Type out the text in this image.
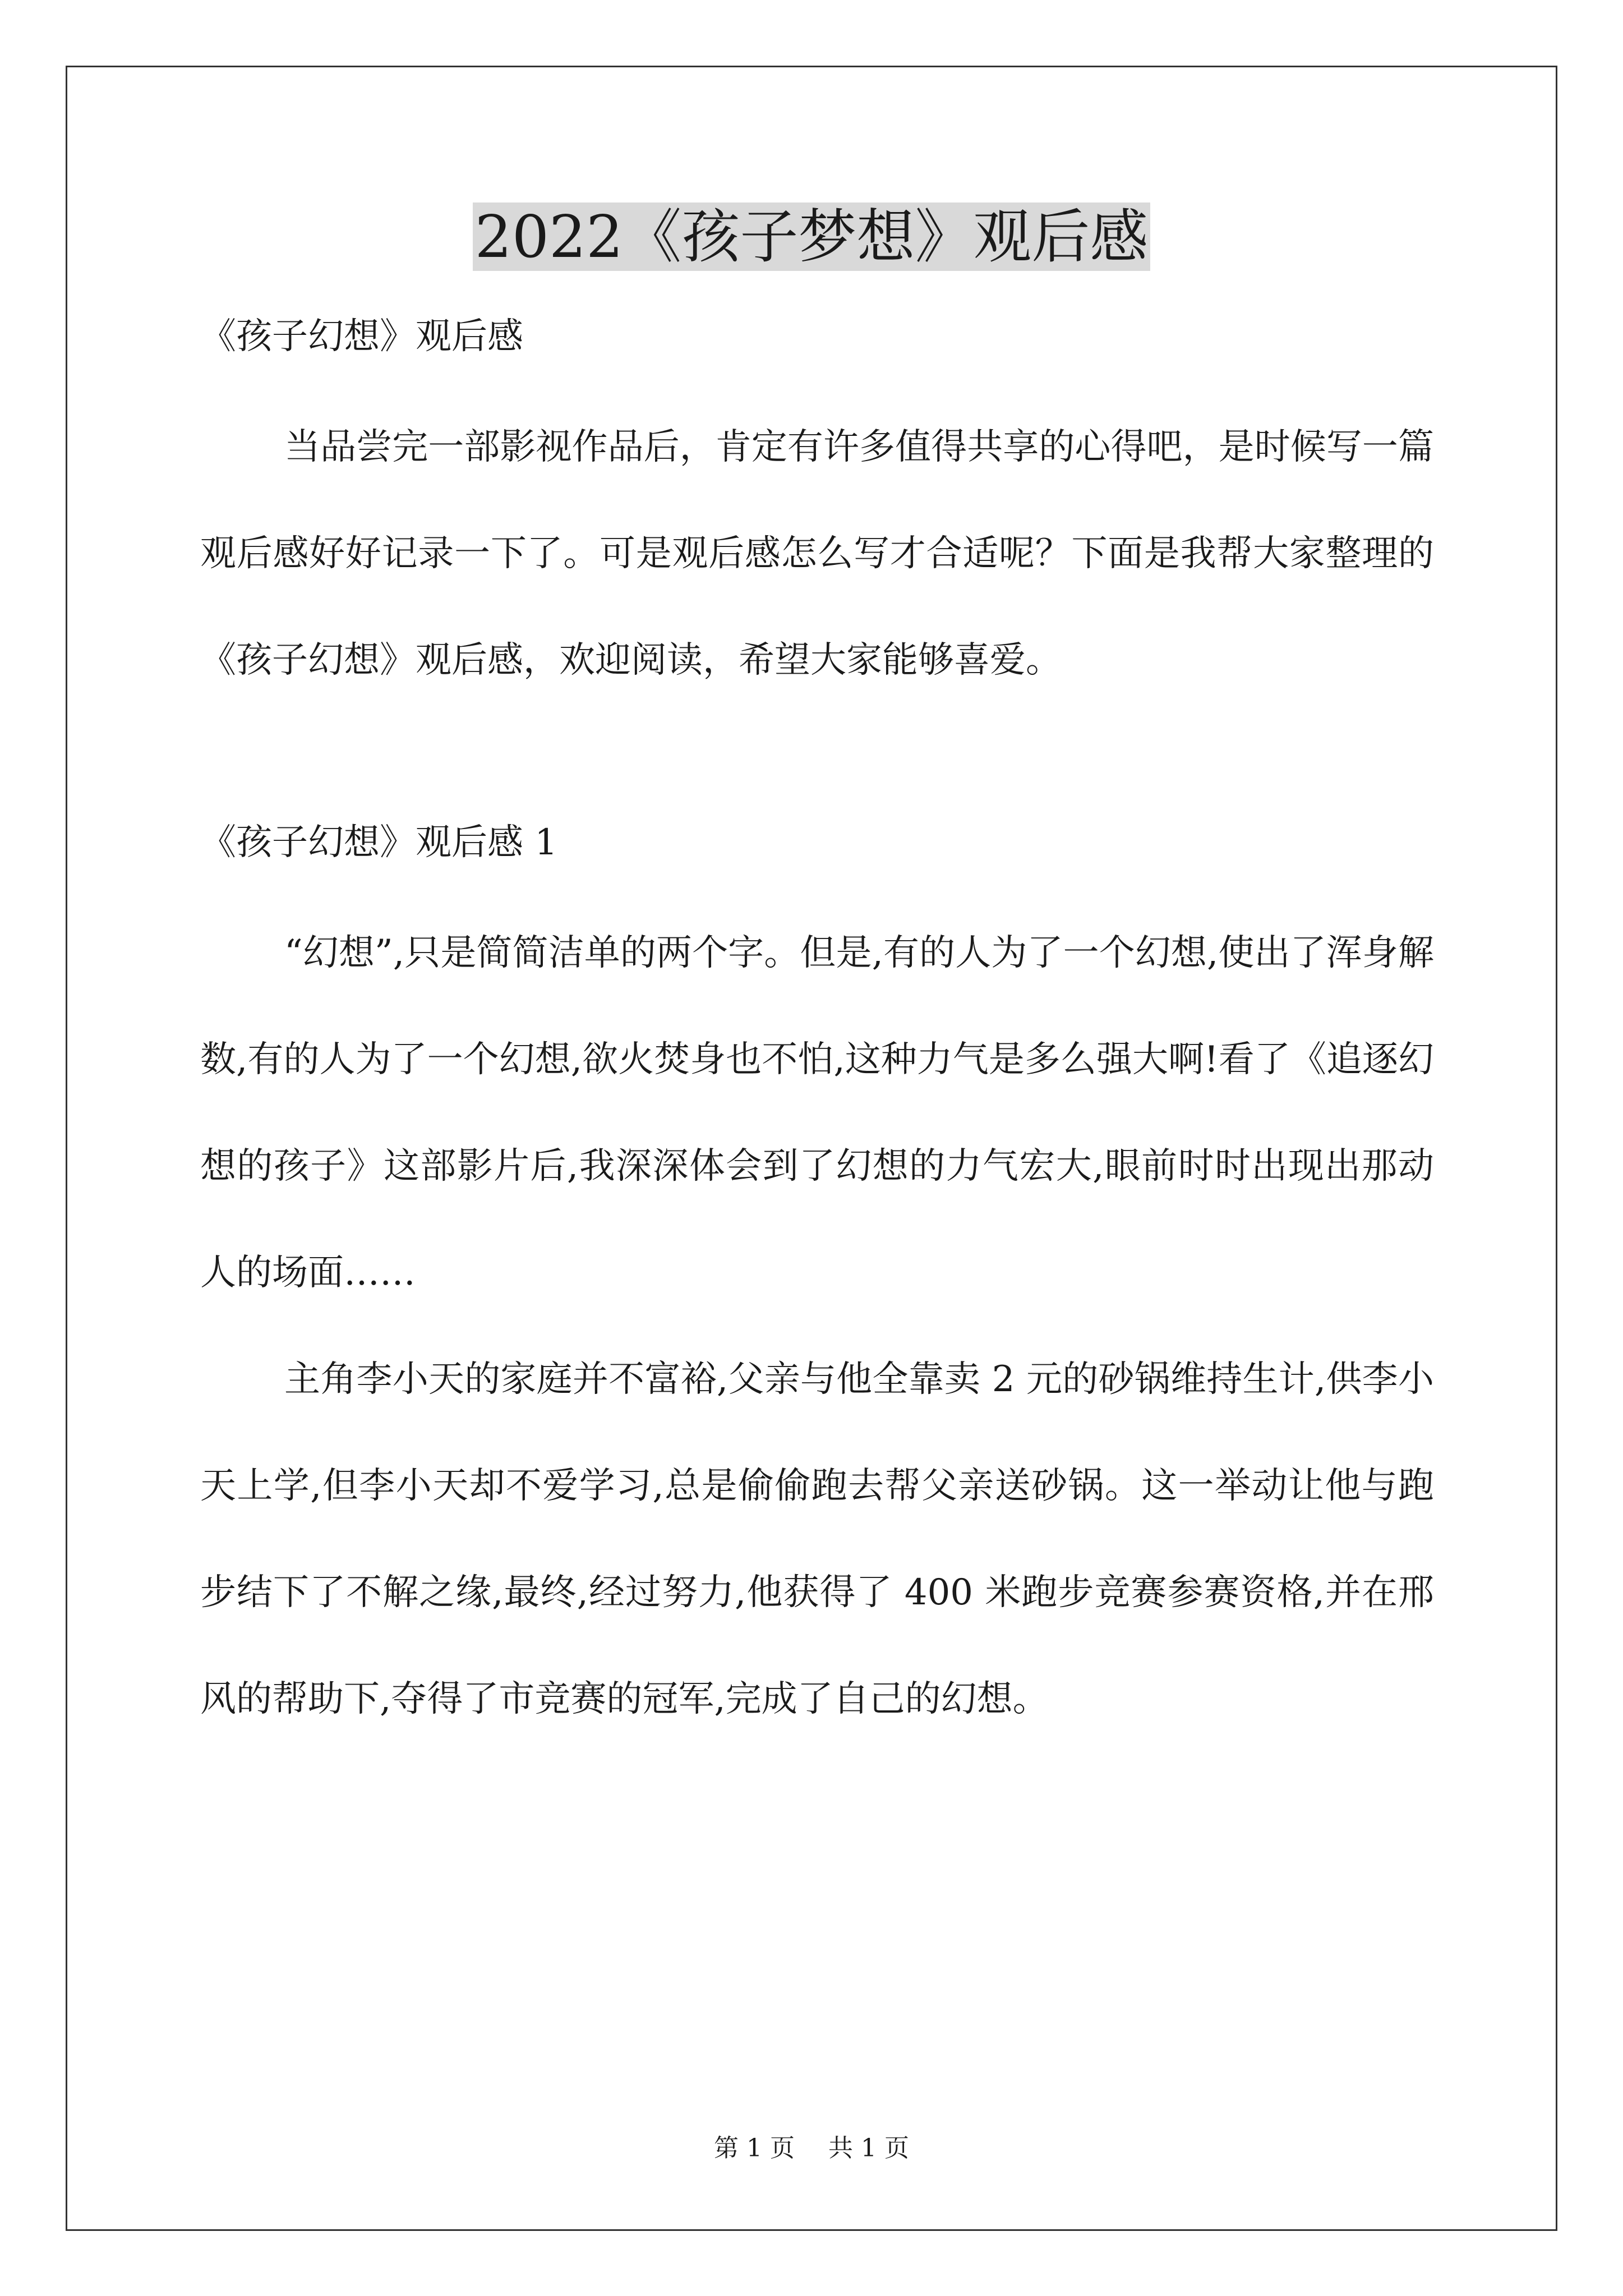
2022《孩子梦想》观后感
《孩子幻想》观后感

当品尝完一部影视作品后，肯定有许多值得共享的心得吧，是时候写一篇观后感好好记录一下了。可是观后感怎么写才合适呢？下面是我帮大家整理的《孩子幻想》观后感，欢迎阅读，希望大家能够喜爱。

《孩子幻想》观后感 1

“幻想”,只是简简洁单的两个字。但是,有的人为了一个幻想,使出了浑身解数,有的人为了一个幻想,欲火焚身也不怕,这种力气是多么强大啊!看了《追逐幻想的孩子》这部影片后,我深深体会到了幻想的力气宏大,眼前时时出现出那动人的场面……

主角李小天的家庭并不富裕,父亲与他全靠卖 2 元的砂锅维持生计,供李小天上学,但李小天却不爱学习,总是偷偷跑去帮父亲送砂锅。这一举动让他与跑步结下了不解之缘,最终,经过努力,他获得了 400 米跑步竞赛参赛资格,并在邢风的帮助下,夺得了市竞赛的冠军,完成了自己的幻想。

第 1 页 共 1 页
